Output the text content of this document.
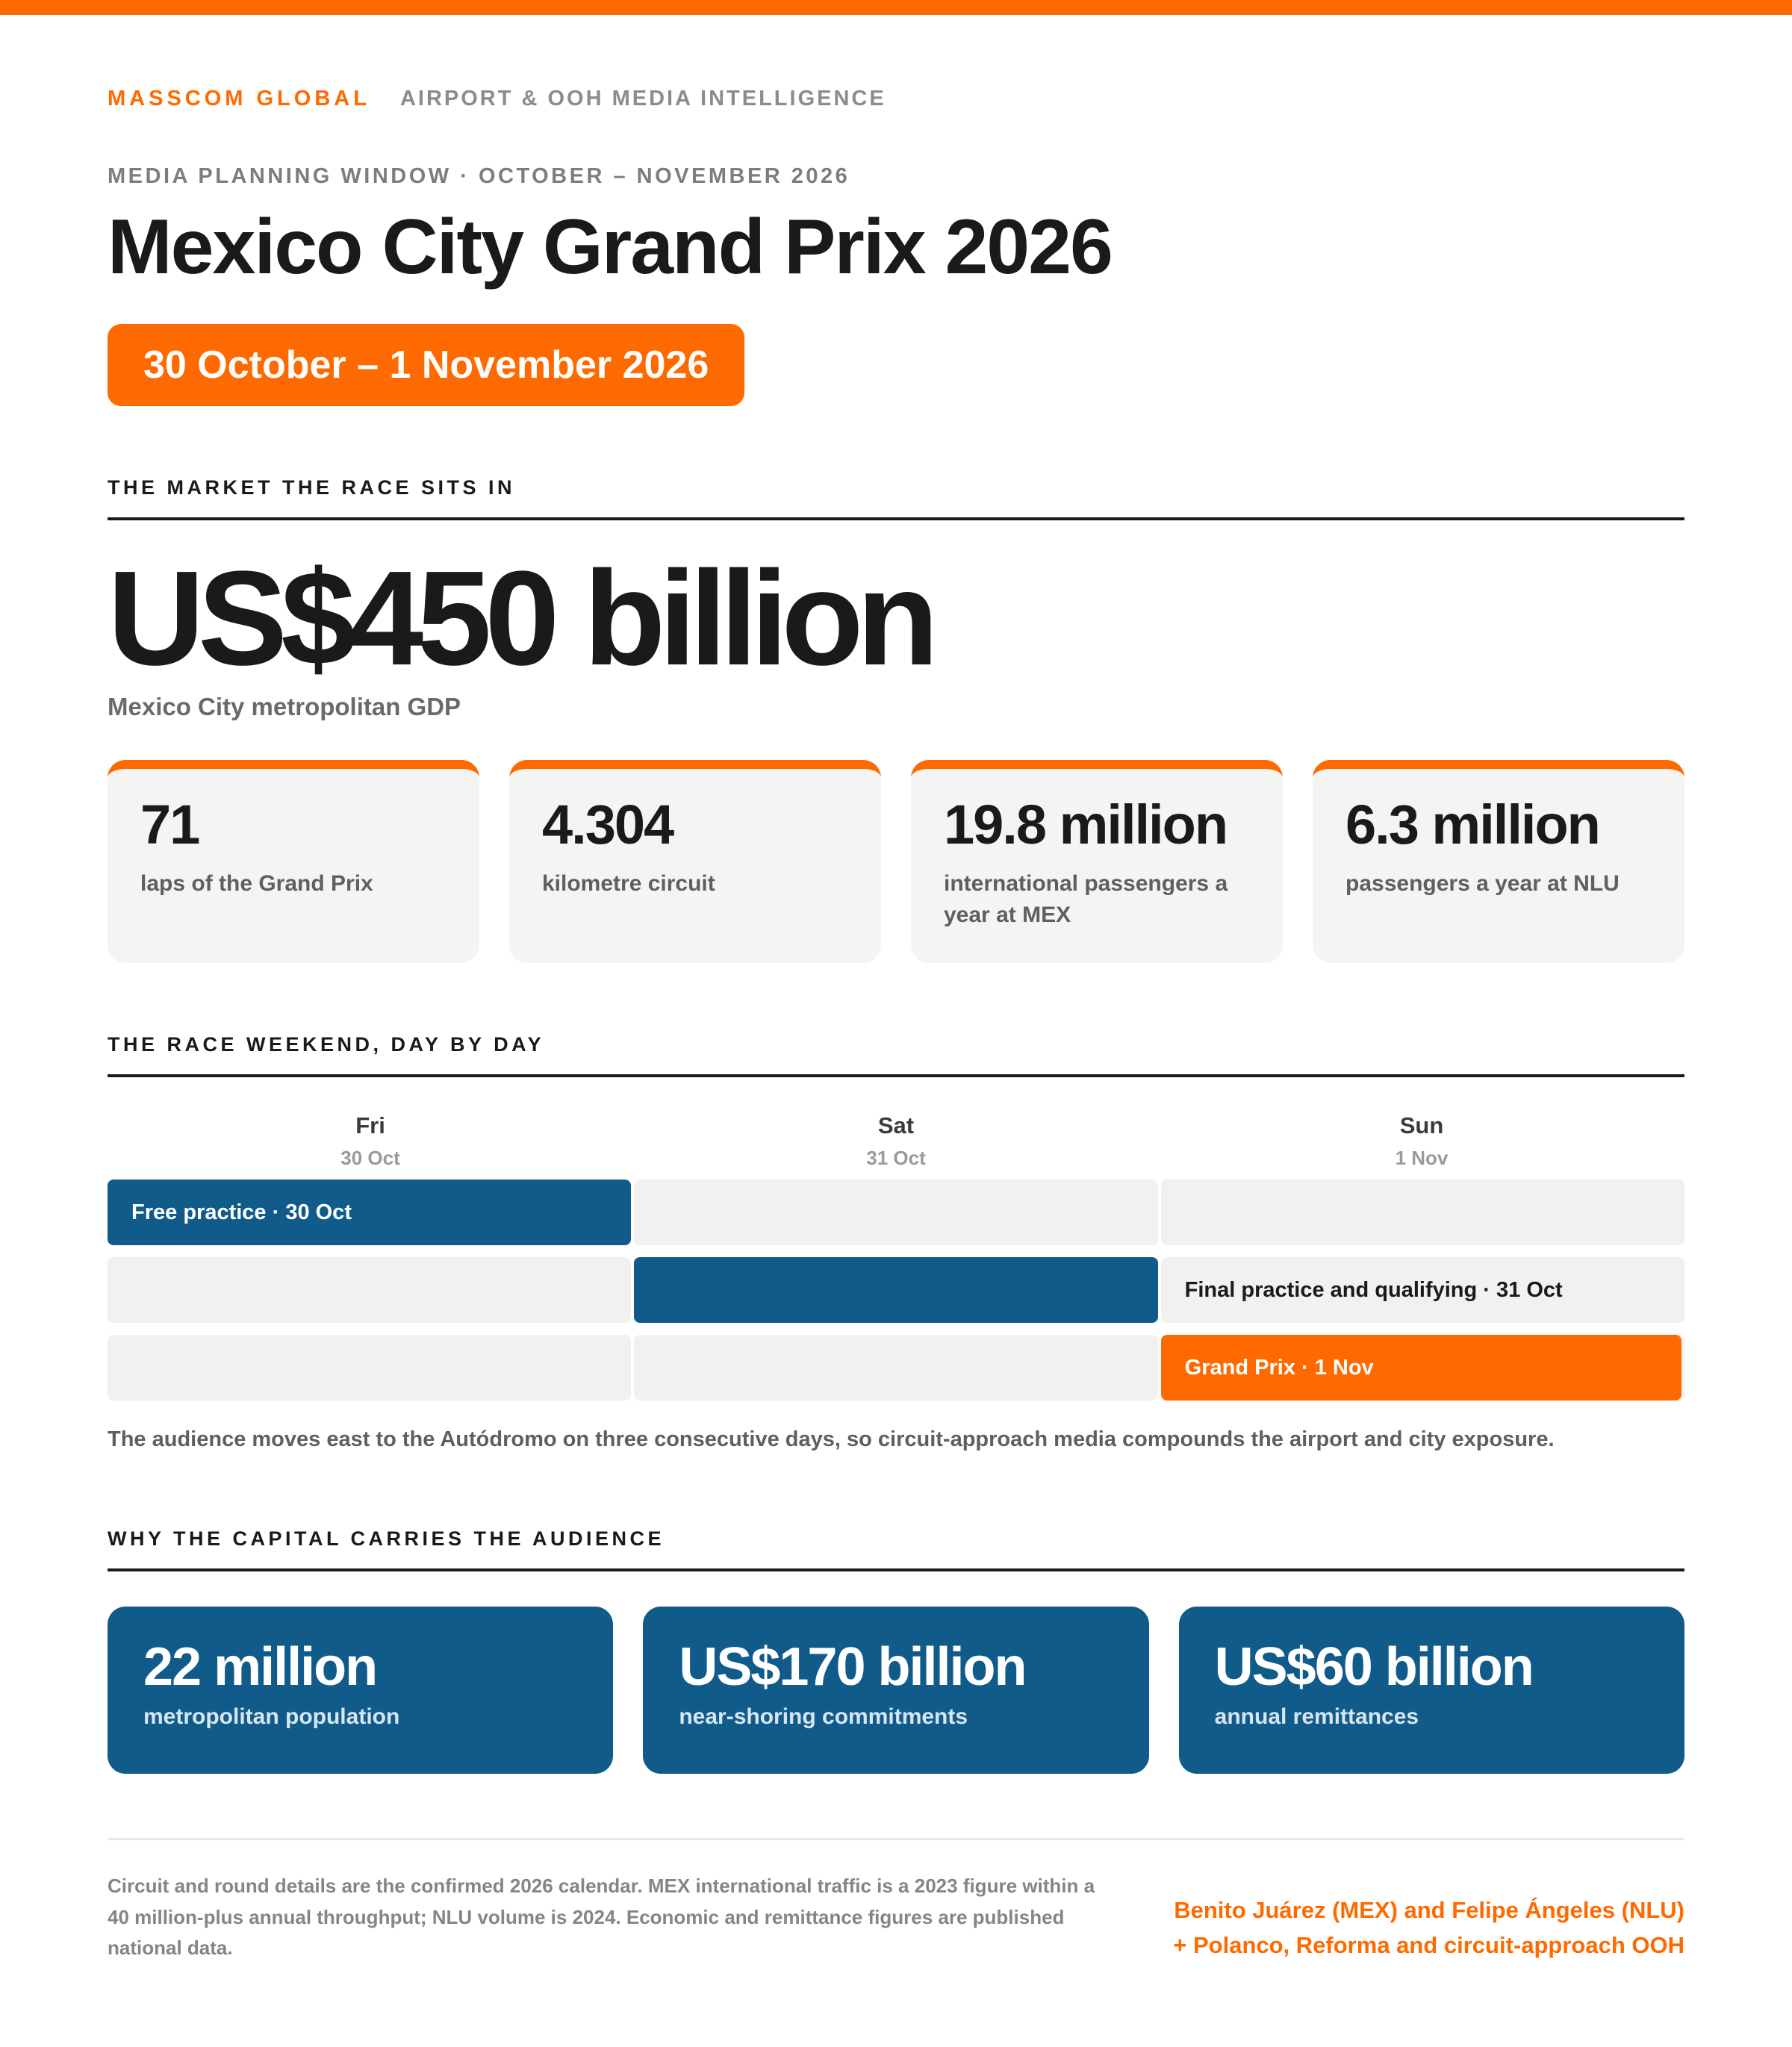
MASSCOM GLOBAL AIRPORT & OOH MEDIA INTELLIGENCE
MEDIA PLANNING WINDOW · OCTOBER – NOVEMBER 2026
Mexico City Grand Prix 2026
30 October – 1 November 2026
THE MARKET THE RACE SITS IN
US$450 billion
Mexico City metropolitan GDP
71
laps of the Grand Prix
4.304
kilometre circuit
19.8 million
international passengers a year at MEX
6.3 million
passengers a year at NLU
THE RACE WEEKEND, DAY BY DAY
Fri
30 Oct
Sat
31 Oct
Sun
1 Nov
Free practice · 30 Oct
Final practice and qualifying · 31 Oct
Grand Prix · 1 Nov
The audience moves east to the Autódromo on three consecutive days, so circuit-approach media compounds the airport and city exposure.
WHY THE CAPITAL CARRIES THE AUDIENCE
22 million
metropolitan population
US$170 billion
near-shoring commitments
US$60 billion
annual remittances
Circuit and round details are the confirmed 2026 calendar. MEX international traffic is a 2023 figure within a 40 million-plus annual throughput; NLU volume is 2024. Economic and remittance figures are published national data.
Benito Juárez (MEX) and Felipe Ángeles (NLU)
+ Polanco, Reforma and circuit-approach OOH
